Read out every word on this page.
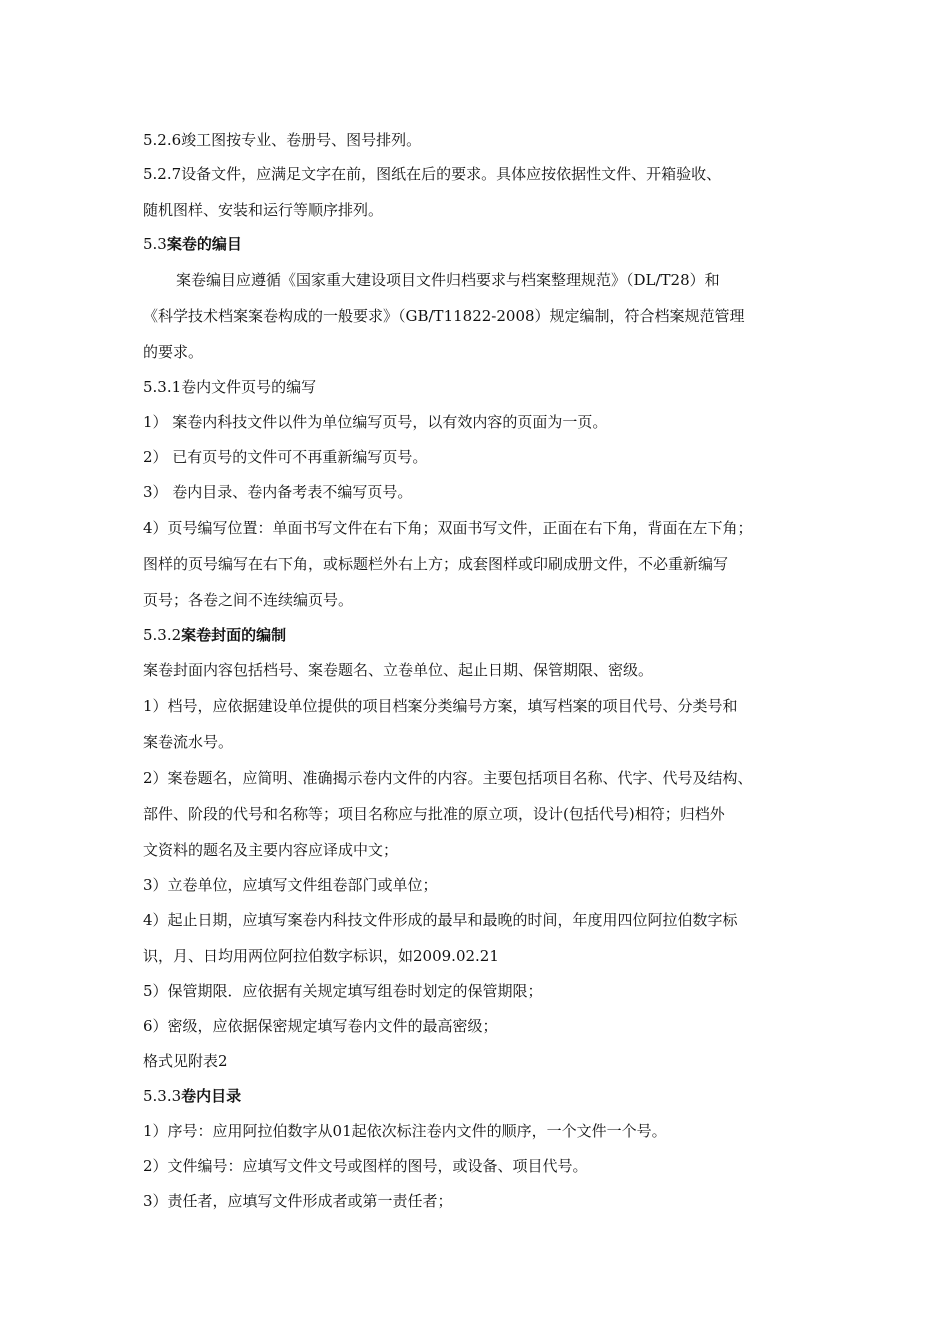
5.2.6竣工图按专业、卷册号、图号排列。
5.2.7设备文件，应满足文字在前，图纸在后的要求。具体应按依据性文件、开箱验收、
随机图样、安装和运行等顺序排列。
5.3案卷的编目
案卷编目应遵循《国家重大建设项目文件归档要求与档案整理规范》（DL/T28）和
《科学技术档案案卷构成的一般要求》（GB/T11822-2008）规定编制，符合档案规范管理
的要求。
5.3.1卷内文件页号的编写
1） 案卷内科技文件以件为单位编写页号，以有效内容的页面为一页。
2） 已有页号的文件可不再重新编写页号。
3） 卷内目录、卷内备考表不编写页号。
4）页号编写位置：单面书写文件在右下角；双面书写文件，正面在右下角，背面在左下角；
图样的页号编写在右下角，或标题栏外右上方；成套图样或印刷成册文件，不必重新编写
页号；各卷之间不连续编页号。
5.3.2案卷封面的编制
案卷封面内容包括档号、案卷题名、立卷单位、起止日期、保管期限、密级。
1）档号，应依据建设单位提供的项目档案分类编号方案，填写档案的项目代号、分类号和
案卷流水号。
2）案卷题名，应简明、准确揭示卷内文件的内容。主要包括项目名称、代字、代号及结构、
部件、阶段的代号和名称等；项目名称应与批准的原立项，设计(包括代号)相符；归档外
文资料的题名及主要内容应译成中文；
3）立卷单位，应填写文件组卷部门或单位；
4）起止日期，应填写案卷内科技文件形成的最早和最晚的时间，年度用四位阿拉伯数字标
识，月、日均用两位阿拉伯数字标识，如2009.02.21
5）保管期限．应依据有关规定填写组卷时划定的保管期限；
6）密级，应依据保密规定填写卷内文件的最高密级；
格式见附表2
5.3.3卷内目录
1）序号：应用阿拉伯数字从01起依次标注卷内文件的顺序，一个文件一个号。
2）文件编号：应填写文件文号或图样的图号，或设备、项目代号。
3）责任者，应填写文件形成者或第一责任者；
